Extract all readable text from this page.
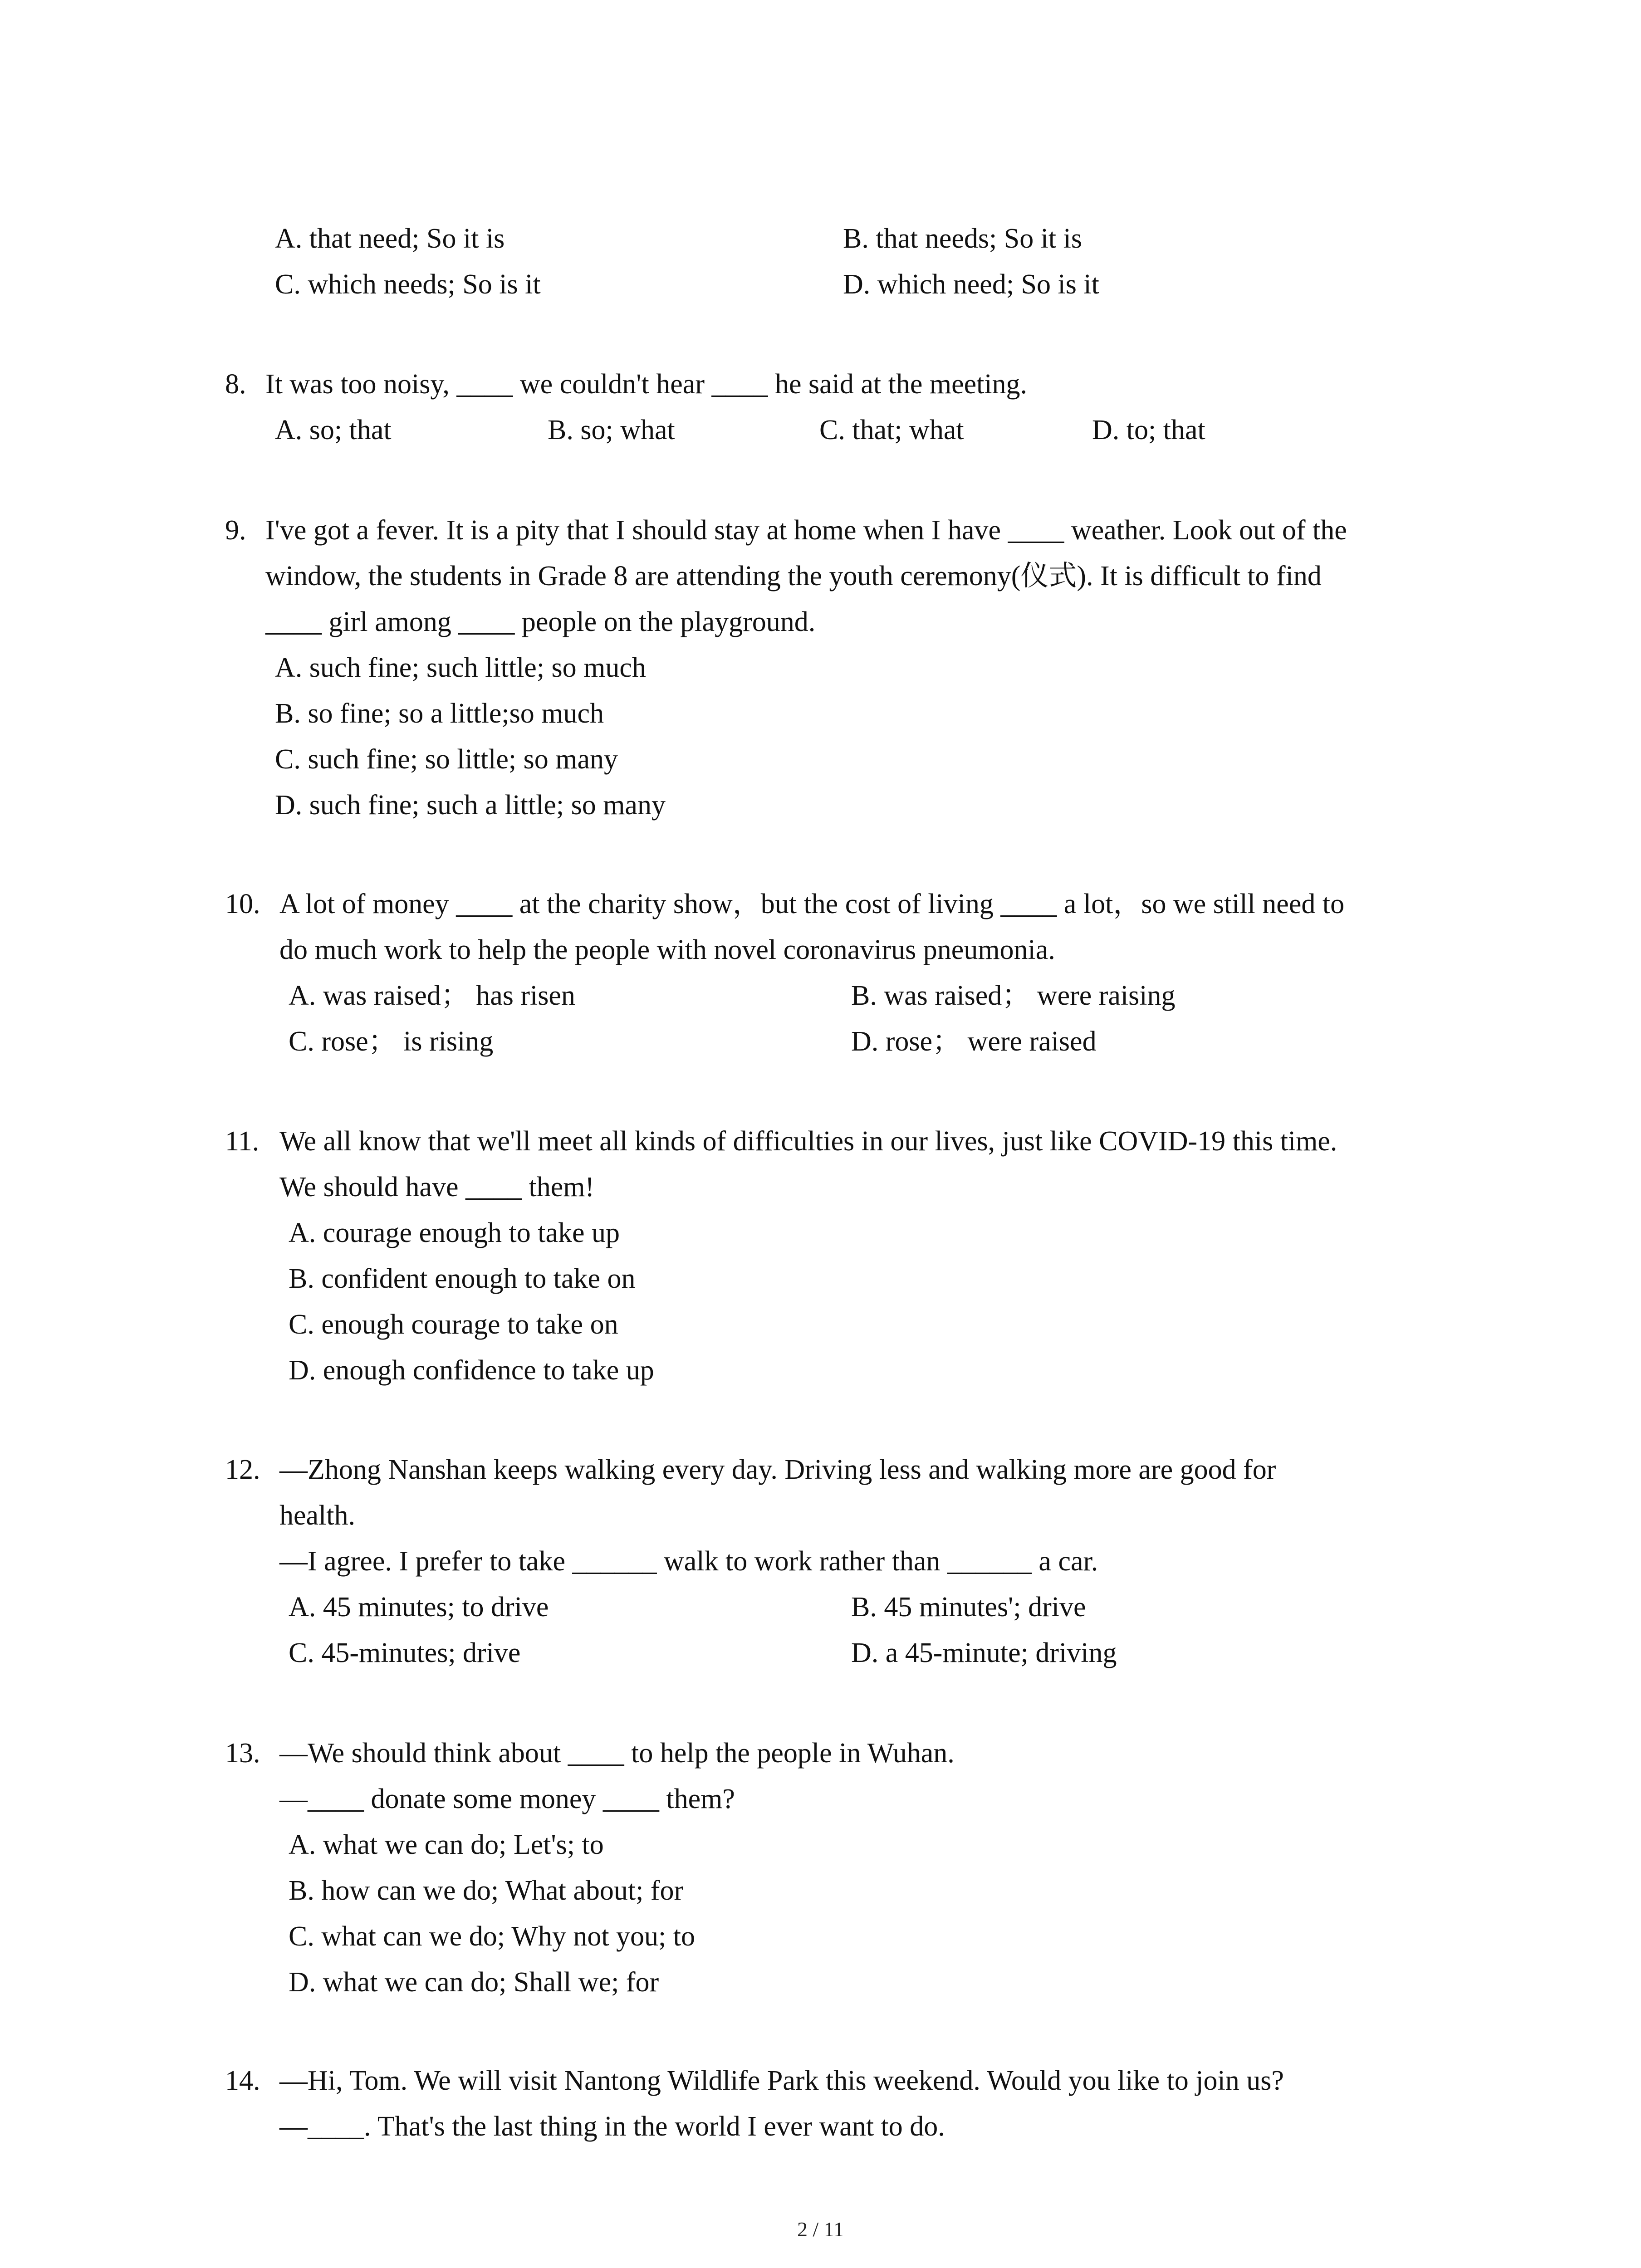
A. that need; So it is	B. that needs; So it is
C. which needs; So is it	D. which need; So is it
8. It was too noisy, ____ we couldn't hear ____ he said at the meeting.
A. so; that	B. so; what	C. that; what	D. to; that
9. I've got a fever. It is a pity that I should stay at home when I have ____ weather. Look out of the
window, the students in Grade 8 are attending the youth ceremony(仪式). It is difficult to find
____ girl among ____ people on the playground.
A. such fine; such little; so much
B. so fine; so a little;so much
C. such fine; so little; so many
D. such fine; such a little; so many
10. A lot of money ____ at the charity show，but the cost of living ____ a lot，so we still need to
do much work to help the people with novel coronavirus pneumonia.
A. was raised； has risen	B. was raised； were raising
C. rose； is rising	D. rose； were raised
11. We all know that we'll meet all kinds of difficulties in our lives, just like COVID-19 this time.
We should have ____ them!
A. courage enough to take up
B. confident enough to take on
C. enough courage to take on
D. enough confidence to take up
12. —Zhong Nanshan keeps walking every day. Driving less and walking more are good for
health.
—I agree. I prefer to take ______ walk to work rather than ______ a car.
A. 45 minutes; to drive	B. 45 minutes'; drive
C. 45-minutes; drive	D. a 45-minute; driving
13. —We should think about ____ to help the people in Wuhan.
—____ donate some money ____ them?
A. what we can do; Let's; to
B. how can we do; What about; for
C. what can we do; Why not you; to
D. what we can do; Shall we; for
14. —Hi, Tom. We will visit Nantong Wildlife Park this weekend. Would you like to join us?
—____. That's the last thing in the world I ever want to do.
2 / 11
